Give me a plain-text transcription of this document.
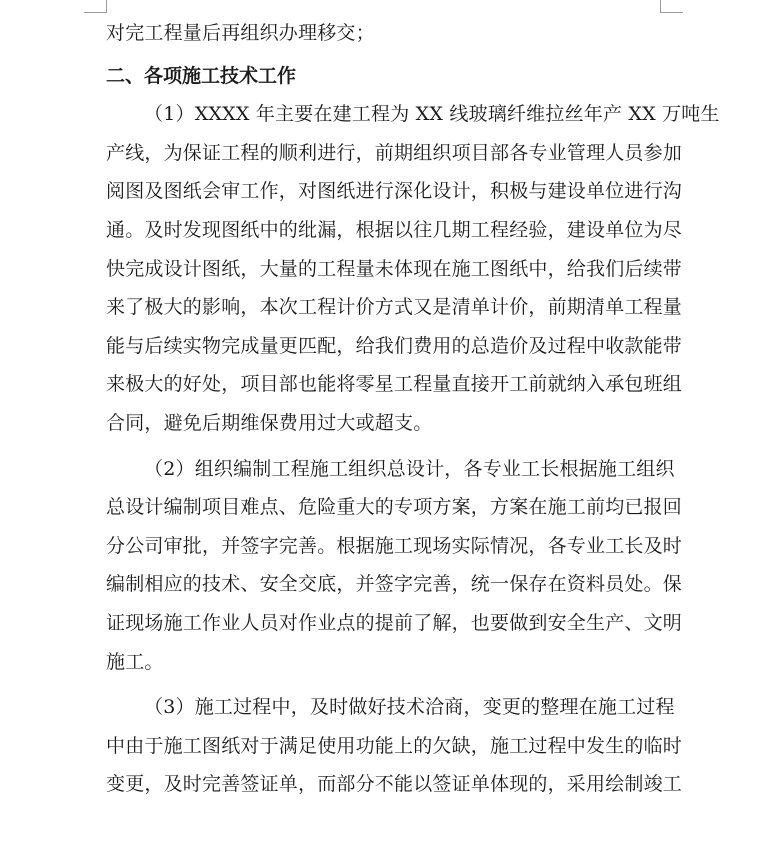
对完工程量后再组织办理移交；
二、各项施工技术工作
（1）XXXX 年主要在建工程为 XX 线玻璃纤维拉丝年产 XX 万吨生
产线，为保证工程的顺利进行，前期组织项目部各专业管理人员参加
阅图及图纸会审工作，对图纸进行深化设计，积极与建设单位进行沟
通。及时发现图纸中的纰漏，根据以往几期工程经验，建设单位为尽
快完成设计图纸，大量的工程量未体现在施工图纸中，给我们后续带
来了极大的影响，本次工程计价方式又是清单计价，前期清单工程量
能与后续实物完成量更匹配，给我们费用的总造价及过程中收款能带
来极大的好处，项目部也能将零星工程量直接开工前就纳入承包班组
合同，避免后期维保费用过大或超支。
（2）组织编制工程施工组织总设计，各专业工长根据施工组织
总设计编制项目难点、危险重大的专项方案，方案在施工前均已报回
分公司审批，并签字完善。根据施工现场实际情况，各专业工长及时
编制相应的技术、安全交底，并签字完善，统一保存在资料员处。保
证现场施工作业人员对作业点的提前了解，也要做到安全生产、文明
施工。
（3）施工过程中，及时做好技术洽商，变更的整理在施工过程
中由于施工图纸对于满足使用功能上的欠缺，施工过程中发生的临时
变更，及时完善签证单，而部分不能以签证单体现的，采用绘制竣工
